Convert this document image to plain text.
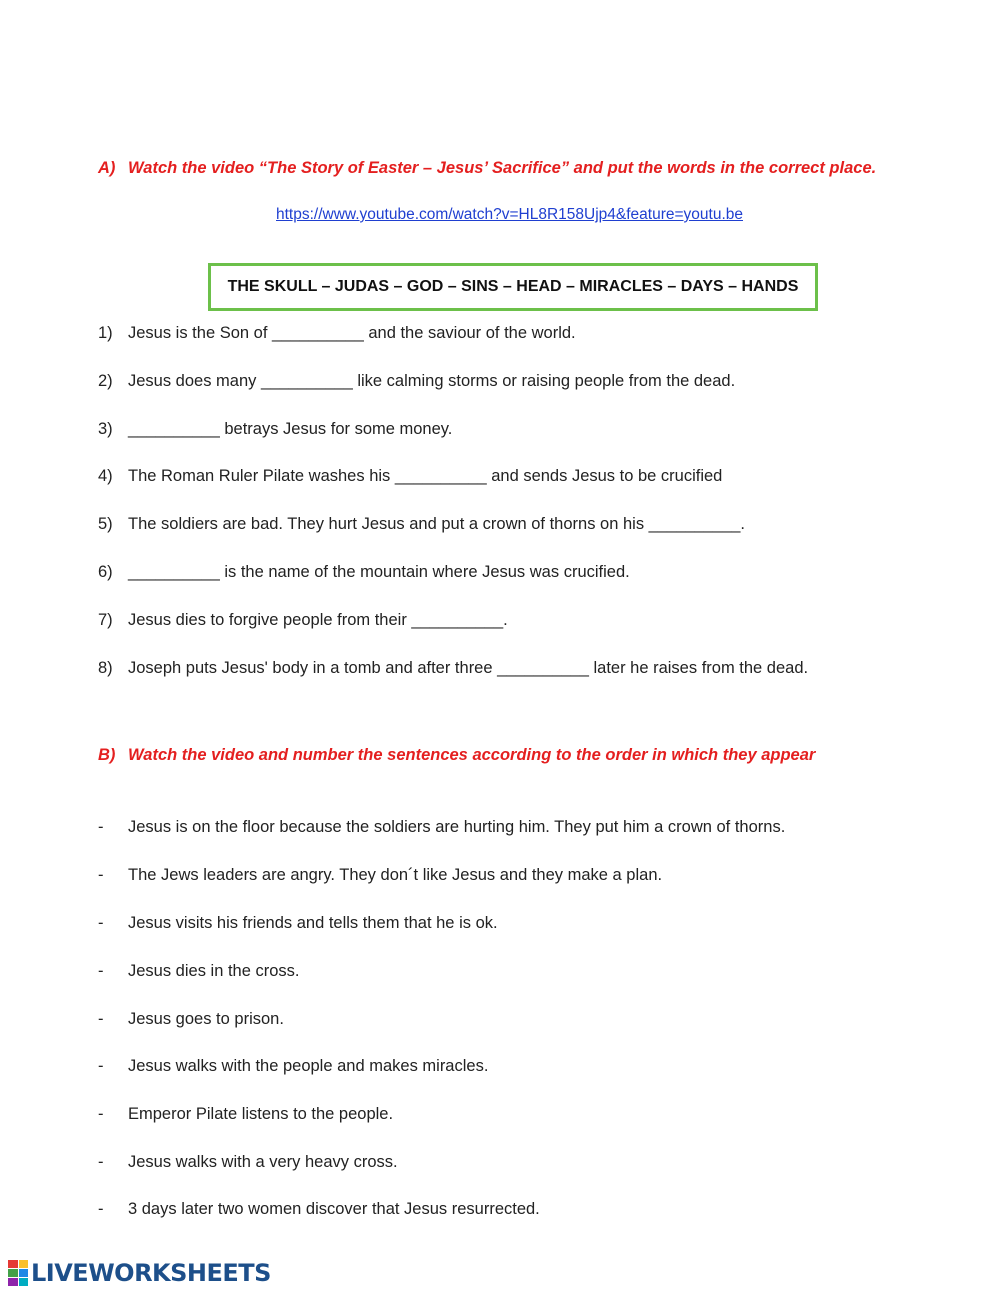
A) Watch the video “The Story of Easter – Jesus’ Sacrifice” and put the words in the correct place.
https://www.youtube.com/watch?v=HL8R158Ujp4&feature=youtu.be
THE SKULL – JUDAS – GOD – SINS – HEAD – MIRACLES – DAYS – HANDS
1) Jesus is the Son of __________ and the saviour of the world.
2) Jesus does many __________ like calming storms or raising people from the dead.
3) __________ betrays Jesus for some money.
4) The Roman Ruler Pilate washes his __________ and sends Jesus to be crucified
5) The soldiers are bad. They hurt Jesus and put a crown of thorns on his __________.
6) __________ is the name of the mountain where Jesus was crucified.
7) Jesus dies to forgive people from their __________.
8) Joseph puts Jesus' body in a tomb and after three __________ later he raises from the dead.
B) Watch the video and number the sentences according to the order in which they appear
- Jesus is on the floor because the soldiers are hurting him. They put him a crown of thorns.
- The Jews leaders are angry. They don´t like Jesus and they make a plan.
- Jesus visits his friends and tells them that he is ok.
- Jesus dies in the cross.
- Jesus goes to prison.
- Jesus walks with the people and makes miracles.
- Emperor Pilate listens to the people.
- Jesus walks with a very heavy cross.
- 3 days later two women discover that Jesus resurrected.
LIVEWORKSHEETS
